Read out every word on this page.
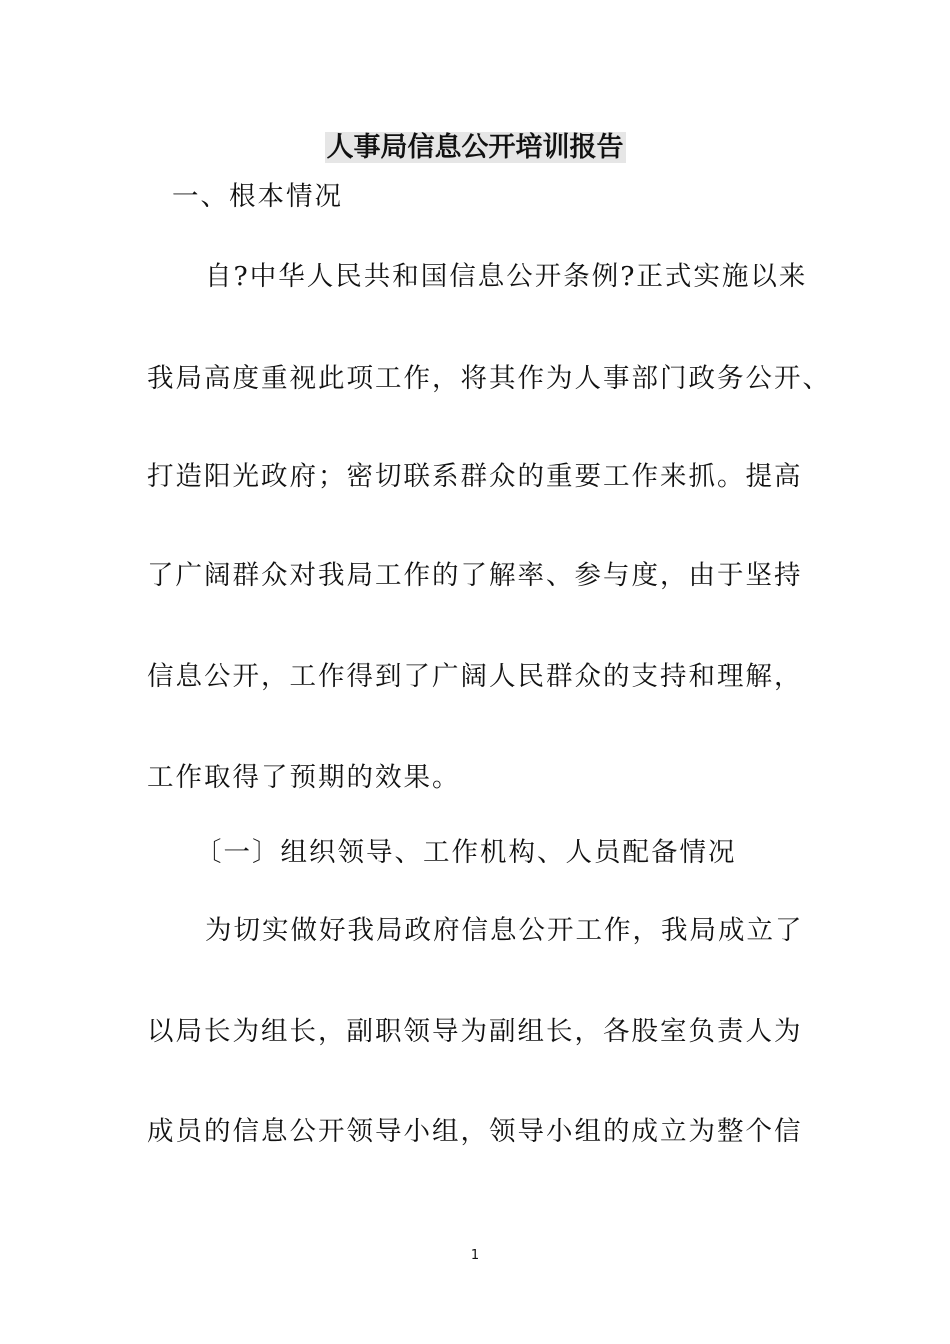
人事局信息公开培训报告
一、根本情况
自?中华人民共和国信息公开条例?正式实施以来
我局高度重视此项工作，将其作为人事部门政务公开、
打造阳光政府；密切联系群众的重要工作来抓。提高
了广阔群众对我局工作的了解率、参与度，由于坚持
信息公开，工作得到了广阔人民群众的支持和理解，
工作取得了预期的效果。
〔一〕组织领导、工作机构、人员配备情况
为切实做好我局政府信息公开工作，我局成立了
以局长为组长，副职领导为副组长，各股室负责人为
成员的信息公开领导小组，领导小组的成立为整个信
1
